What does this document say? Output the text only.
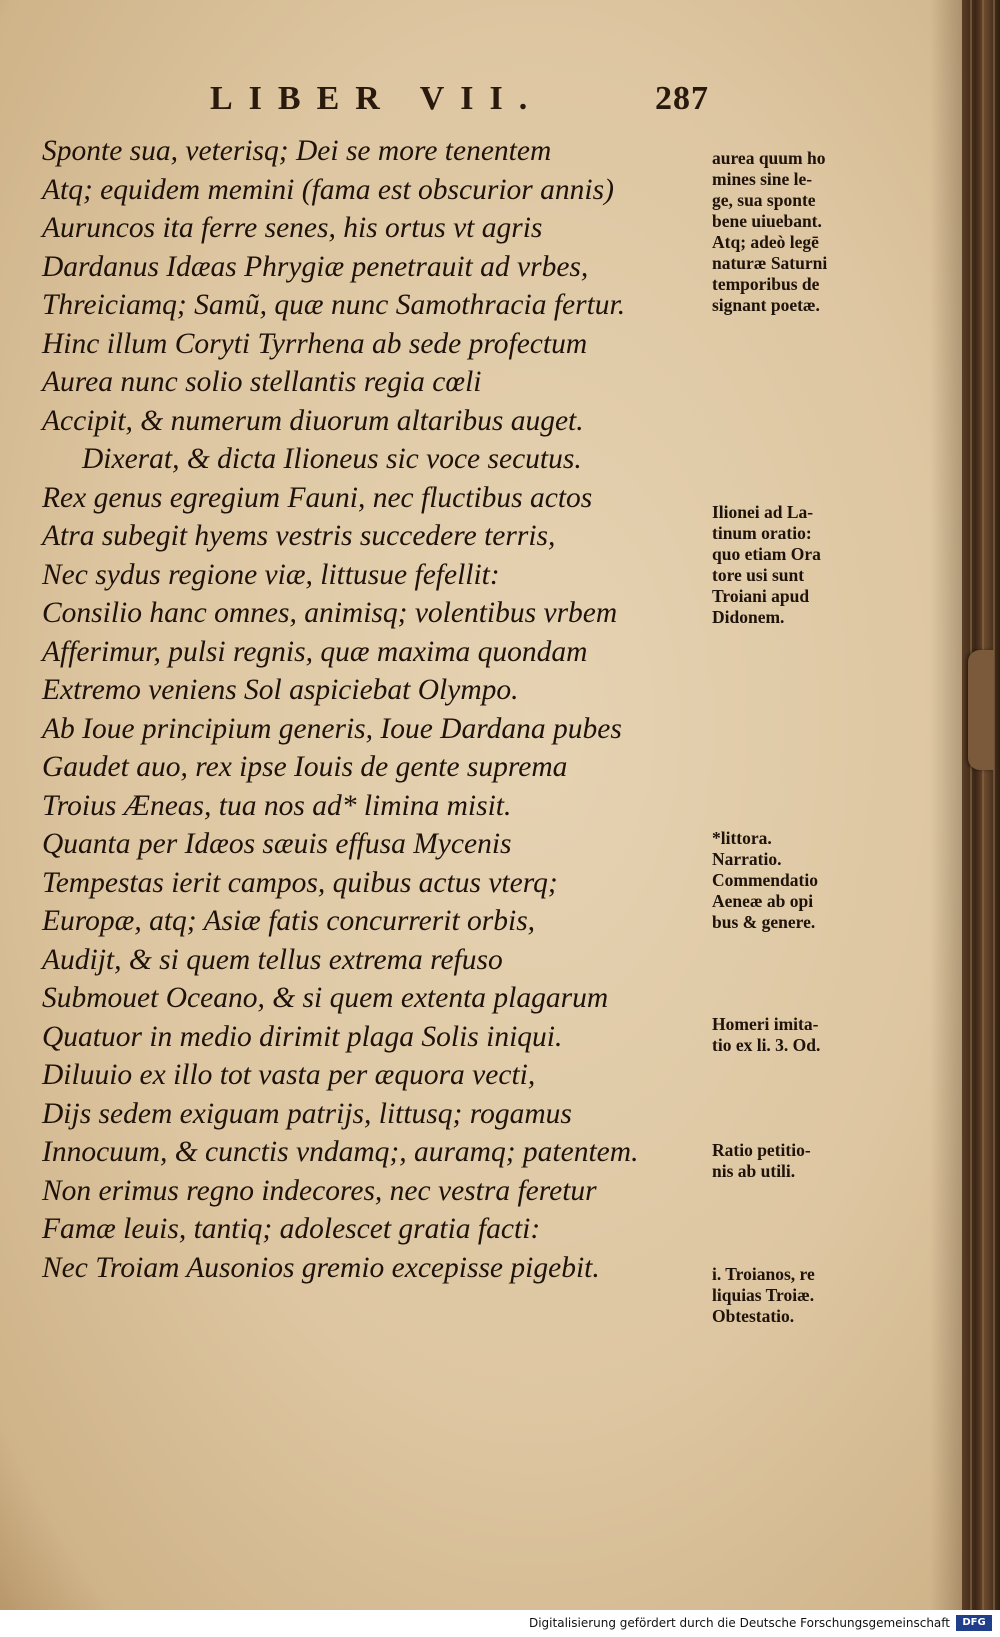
LIBER VII.	287
Sponte sua, veterisq; Dei se more tenentem
Atq; equidem memini (fama est obscurior annis)
Auruncos ita ferre senes, his ortus vt agris
Dardanus Idæas Phrygiæ penetrauit ad vrbes,
Threiciamq; Samũ, quæ nunc Samothracia fertur.
Hinc illum Coryti Tyrrhena ab sede profectum
Aurea nunc solio stellantis regia cœli
Accipit, & numerum diuorum altaribus auget.
Dixerat, & dicta Ilioneus sic voce secutus.
Rex genus egregium Fauni, nec fluctibus actos
Atra subegit hyems vestris succedere terris,
Nec sydus regione viæ, littusue fefellit:
Consilio hanc omnes, animisq; volentibus vrbem
Afferimur, pulsi regnis, quæ maxima quondam
Extremo veniens Sol aspiciebat Olympo.
Ab Ioue principium generis, Ioue Dardana pubes
Gaudet auo, rex ipse Iouis de gente suprema
Troius Æneas, tua nos ad* limina misit.
Quanta per Idæos sæuis effusa Mycenis
Tempestas ierit campos, quibus actus vterq;
Europæ, atq; Asiæ fatis concurrerit orbis,
Audijt, & si quem tellus extrema refuso
Submouet Oceano, & si quem extenta plagarum
Quatuor in medio dirimit plaga Solis iniqui.
Diluuio ex illo tot vasta per æquora vecti,
Dijs sedem exiguam patrijs, littusq; rogamus
Innocuum, & cunctis vndamq;, auramq; patentem.
Non erimus regno indecores, nec vestra feretur
Famæ leuis, tantiq; adolescet gratia facti:
Nec Troiam Ausonios gremio excepisse pigebit.
aurea quum ho
mines sine le-
ge, sua sponte
bene uiuebant.
Atq; adeò legē
naturæ Saturni
temporibus de
signant poetæ.
Ilionei ad La-
tinum oratio:
quo etiam Ora
tore usi sunt
Troiani apud
Didonem.
*littora.
Narratio.
Commendatio
Aeneæ ab opi
bus & genere.
Homeri imita-
tio ex li. 3. Od.
Ratio petitio-
nis ab utili.
i. Troianos, re
liquias Troiæ.
Obtestatio.
Digitalisierung gefördert durch die Deutsche Forschungsgemeinschaft	DFG
